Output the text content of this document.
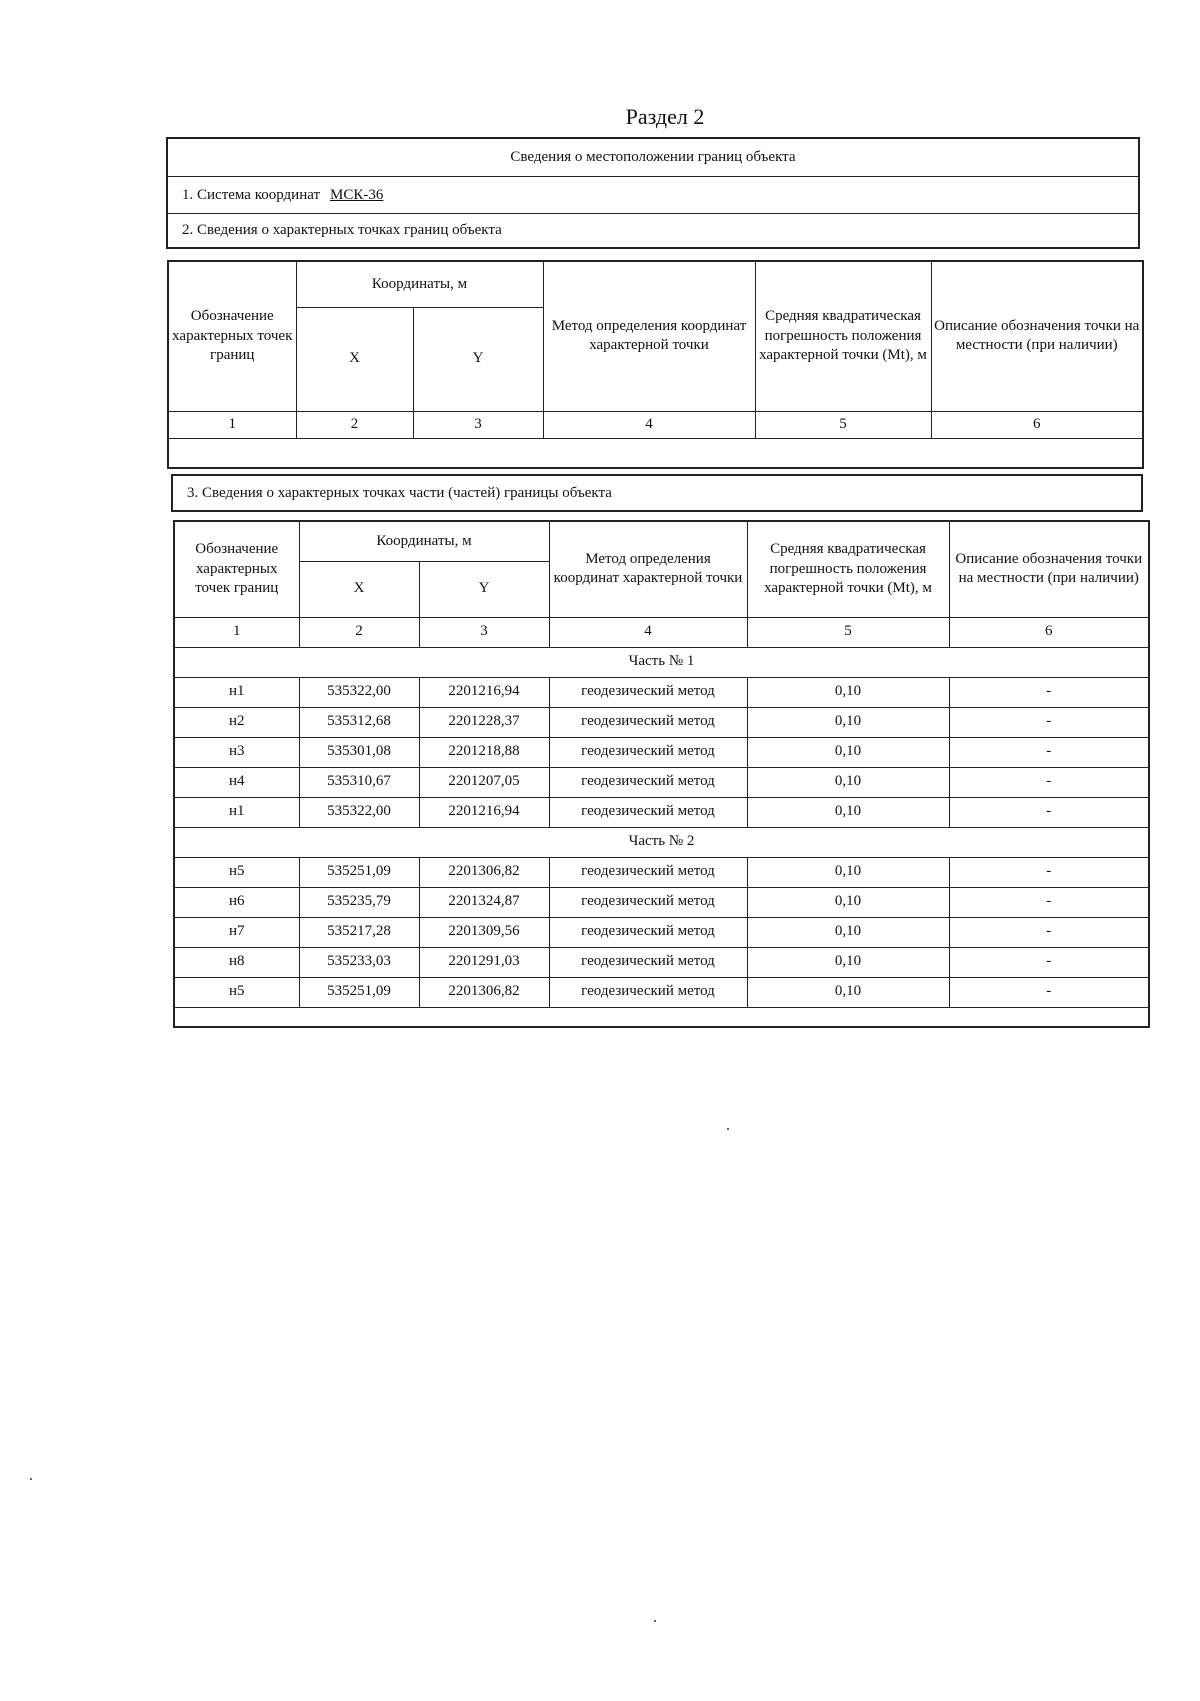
Раздел 2
Сведения о местоположении границ объекта
1. Система координат МСК-36
2. Сведения о характерных точках границ объекта
Обозначение характерных точек границ	Координаты, м		Метод определения координат характерной точки	Средняя квадратическая погрешность положения характерной точки (Mt), м	Описание обозначения точки на местности (при наличии)
	X	Y			
1	2	3	4	5	6

3. Сведения о характерных точках части (частей) границы объекта
Обозначение характерных точек границ	Координаты, м		Метод определения координат характерной точки	Средняя квадратическая погрешность положения характерной точки (Mt), м	Описание обозначения точки на местности (при наличии)
	X	Y			
1	2	3	4	5	6
Часть № 1					
н1	535322,00	2201216,94	геодезический метод	0,10	-
н2	535312,68	2201228,37	геодезический метод	0,10	-
н3	535301,08	2201218,88	геодезический метод	0,10	-
н4	535310,67	2201207,05	геодезический метод	0,10	-
н1	535322,00	2201216,94	геодезический метод	0,10	-
Часть № 2					
н5	535251,09	2201306,82	геодезический метод	0,10	-
н6	535235,79	2201324,87	геодезический метод	0,10	-
н7	535217,28	2201309,56	геодезический метод	0,10	-
н8	535233,03	2201291,03	геодезический метод	0,10	-
н5	535251,09	2201306,82	геодезический метод	0,10	-
